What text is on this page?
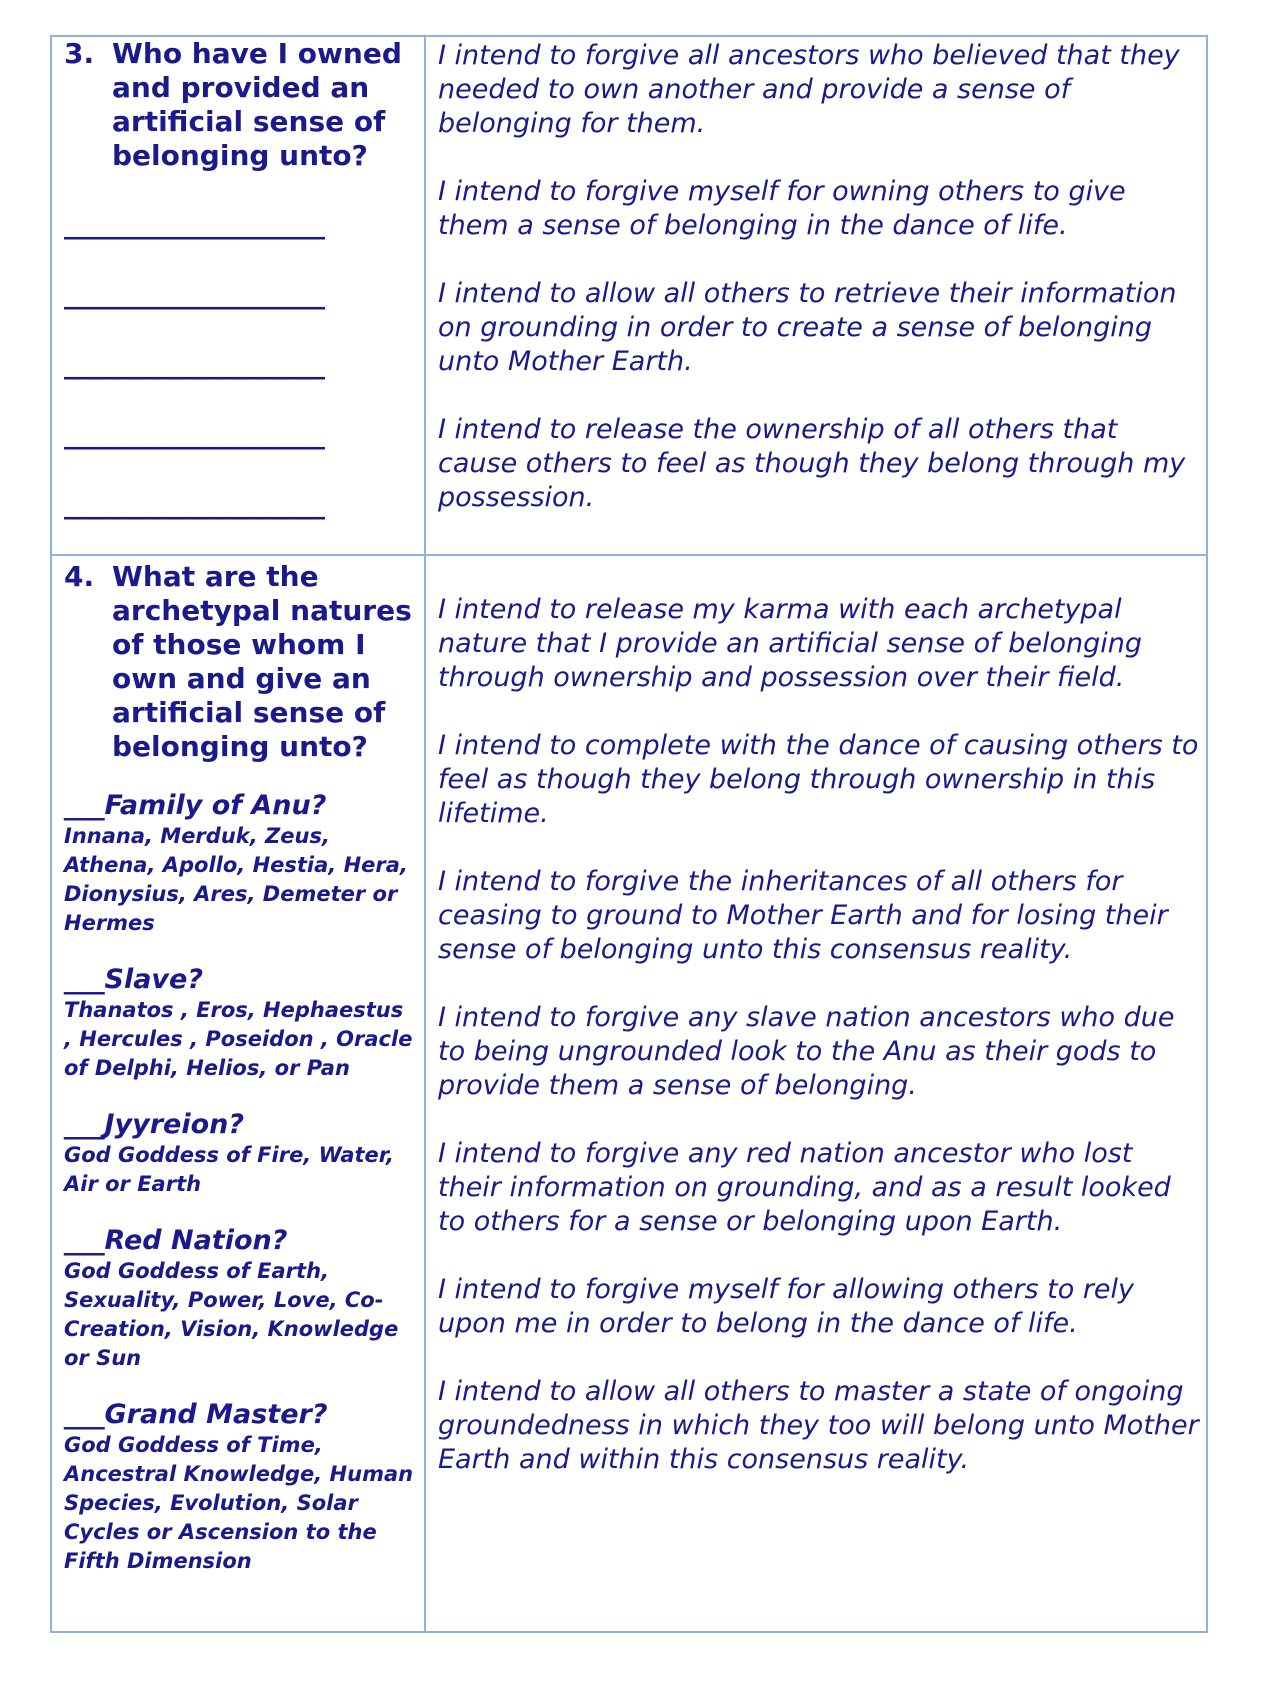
3. Who have I owned and provided an artificial sense of belonging unto?
____________________
____________________
____________________
____________________
____________________

I intend to forgive all ancestors who believed that they needed to own another and provide a sense of belonging for them.

I intend to forgive myself for owning others to give them a sense of belonging in the dance of life.

I intend to allow all others to retrieve their information on grounding in order to create a sense of belonging unto Mother Earth.

I intend to release the ownership of all others that cause others to feel as though they belong through my possession.

4. What are the archetypal natures of those whom I own and give an artificial sense of belonging unto?
___Family of Anu?
Innana, Merduk, Zeus, Athena, Apollo, Hestia, Hera, Dionysius, Ares, Demeter or Hermes
___Slave?
Thanatos , Eros, Hephaestus , Hercules , Poseidon , Oracle of Delphi, Helios, or Pan
___Jyyreion?
God Goddess of Fire, Water, Air or Earth
___Red Nation?
God Goddess of Earth, Sexuality, Power, Love, Co-Creation, Vision, Knowledge or Sun
___Grand Master?
God Goddess of Time, Ancestral Knowledge, Human Species, Evolution, Solar Cycles or Ascension to the Fifth Dimension

I intend to release my karma with each archetypal nature that I provide an artificial sense of belonging through ownership and possession over their field.

I intend to complete with the dance of causing others to feel as though they belong through ownership in this lifetime.

I intend to forgive the inheritances of all others for ceasing to ground to Mother Earth and for losing their sense of belonging unto this consensus reality.

I intend to forgive any slave nation ancestors who due to being ungrounded look to the Anu as their gods to provide them a sense of belonging.

I intend to forgive any red nation ancestor who lost their information on grounding, and as a result looked to others for a sense or belonging upon Earth.

I intend to forgive myself for allowing others to rely upon me in order to belong in the dance of life.

I intend to allow all others to master a state of ongoing groundedness in which they too will belong unto Mother Earth and within this consensus reality.
